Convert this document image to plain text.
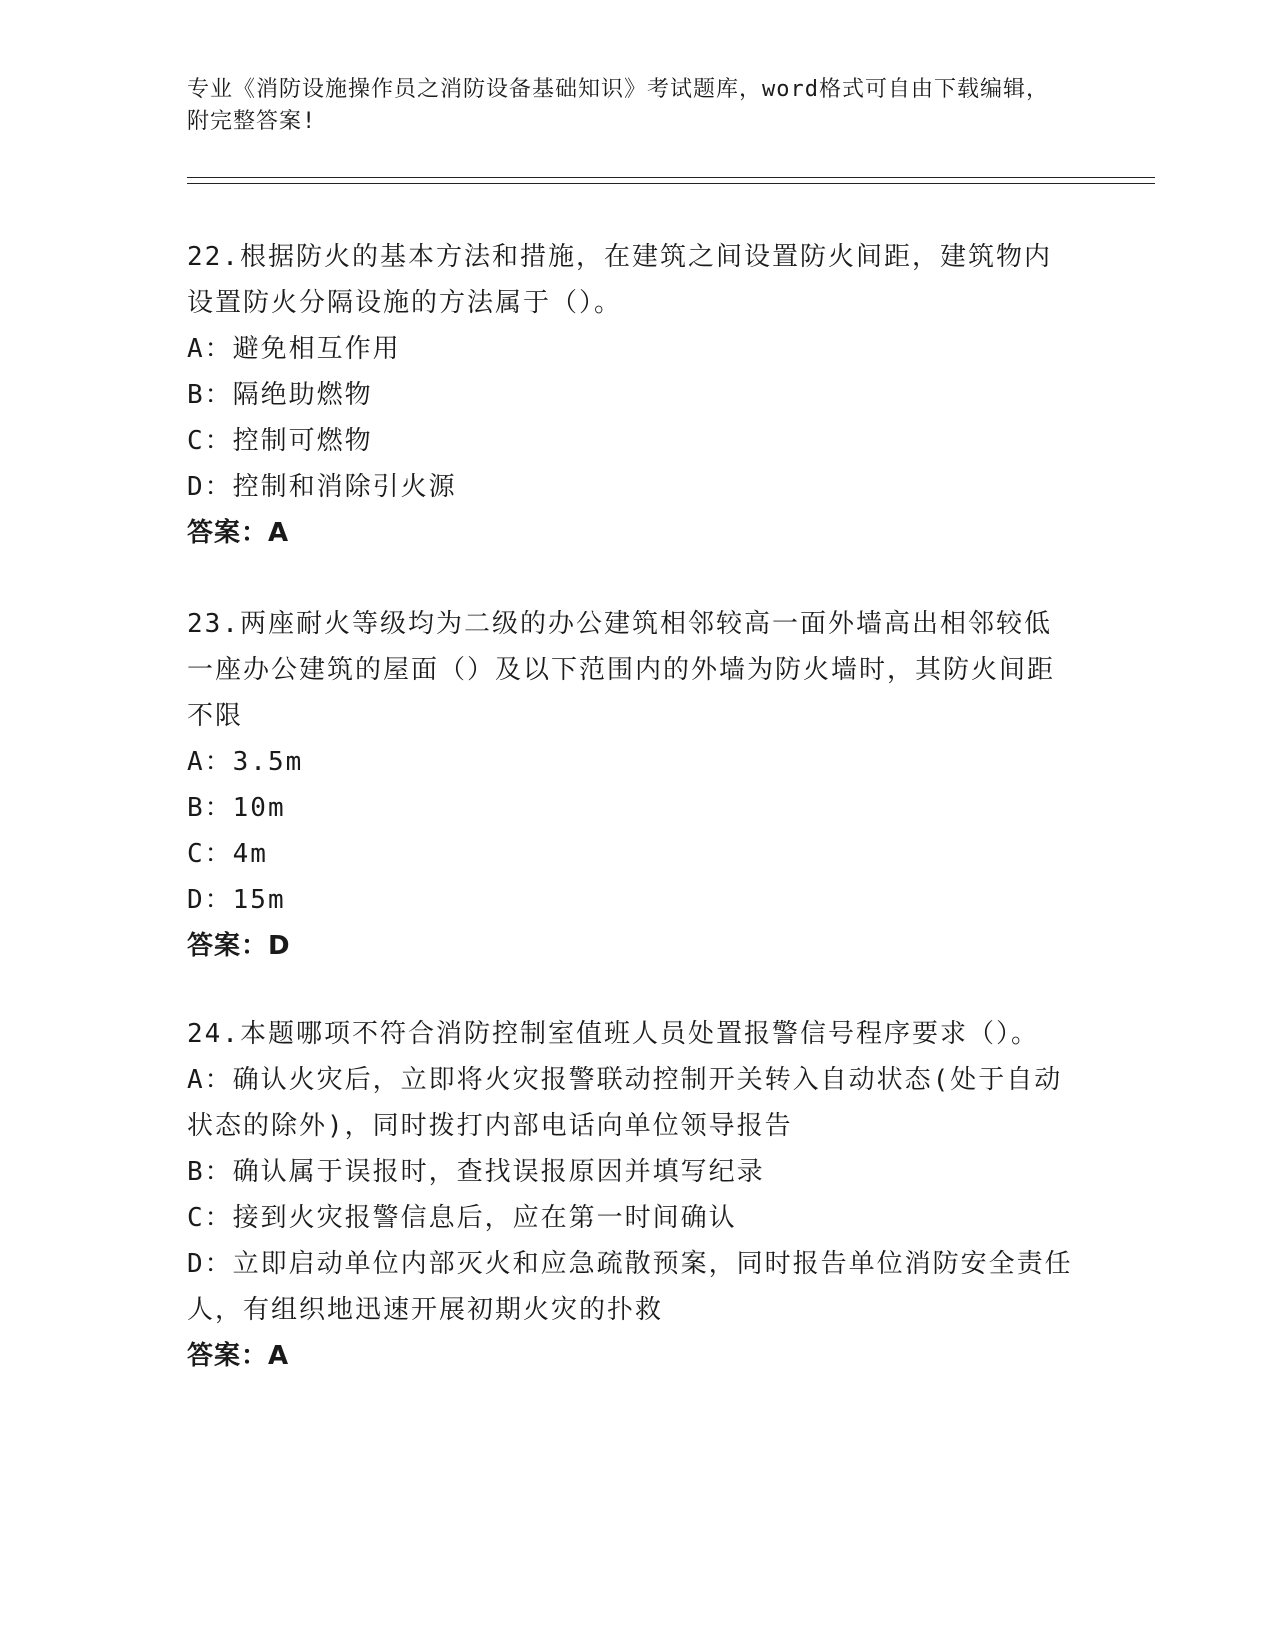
专业《消防设施操作员之消防设备基础知识》考试题库，word格式可自由下载编辑，附完整答案!
22.根据防火的基本方法和措施，在建筑之间设置防火间距，建筑物内设置防火分隔设施的方法属于（）。
A：避免相互作用
B：隔绝助燃物
C：控制可燃物
D：控制和消除引火源
答案：A
23.两座耐火等级均为二级的办公建筑相邻较高一面外墙高出相邻较低一座办公建筑的屋面（）及以下范围内的外墙为防火墙时，其防火间距不限
A：3.5m
B：10m
C：4m
D：15m
答案：D
24.本题哪项不符合消防控制室值班人员处置报警信号程序要求（）。
A：确认火灾后，立即将火灾报警联动控制开关转入自动状态(处于自动状态的除外)，同时拨打内部电话向单位领导报告
B：确认属于误报时，查找误报原因并填写纪录
C：接到火灾报警信息后，应在第一时间确认
D：立即启动单位内部灭火和应急疏散预案，同时报告单位消防安全责任人，有组织地迅速开展初期火灾的扑救
答案：A
